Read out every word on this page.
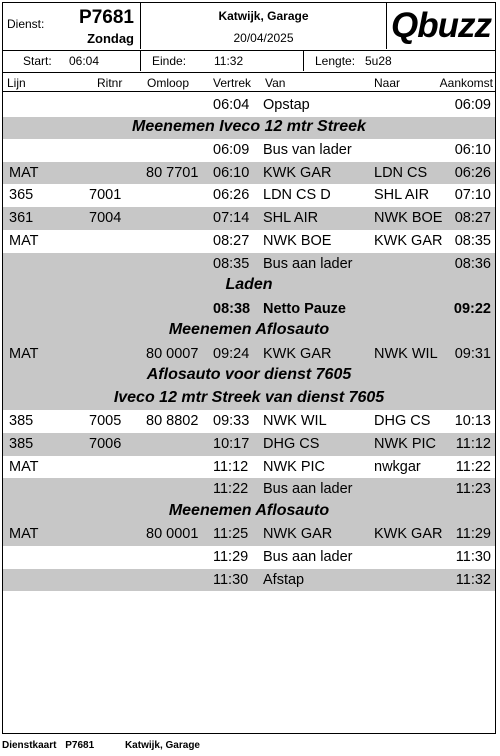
Dienst: P7681
Zondag
Katwijk, Garage
20/04/2025	Qbuzz
Start: 06:04	Einde: 11:32	Lengte: 5u28
Lijn	Ritnr Omloop Vertrek Van	Naar	Aankomst
06:04 Opstap	06:09
Meenemen Iveco 12 mtr Streek
06:09 Bus van lader	06:10
MAT	80 7701 06:10 KWK GAR	LDN CS 06:26
365	7001	06:26 LDN CS D	SHL AIR 07:10
361	7004	07:14 SHL AIR	NWK BOE 08:27
MAT	08:27 NWK BOE	KWK GAR 08:35
08:35 Bus aan lader	08:36
Laden
08:38 Netto Pauze	09:22
Meenemen Aflosauto
MAT	80 0007 09:24 KWK GAR	NWK WIL 09:31
Aflosauto voor dienst 7605
Iveco 12 mtr Streek van dienst 7605
385	7005 80 8802 09:33 NWK WIL	DHG CS 10:13
385	7006	10:17 DHG CS	NWK PIC 11:12
MAT	11:12 NWK PIC	nwkgar 11:22
11:22 Bus aan lader	11:23
Meenemen Aflosauto
MAT	80 0001 11:25 NWK GAR	KWK GAR 11:29
11:29 Bus aan lader	11:30
11:30 Afstap	11:32
Dienstkaart P7681	Katwijk, Garage
